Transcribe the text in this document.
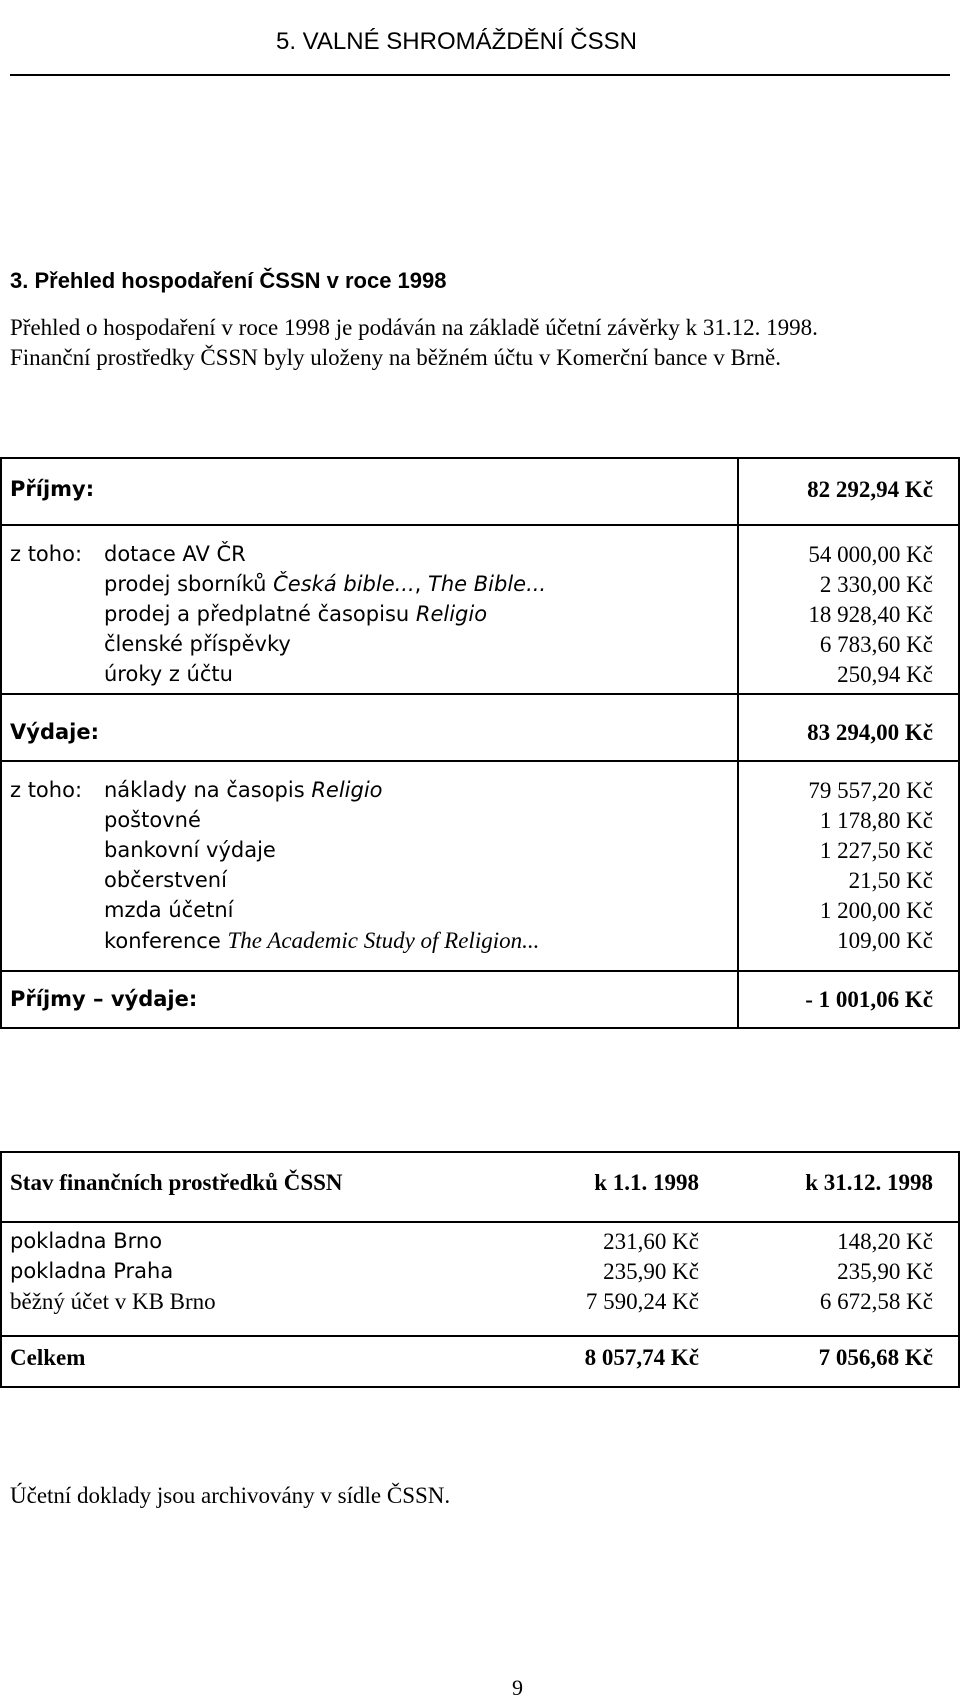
5. VALNÉ SHROMÁŽDĚNÍ ČSSN
3. Přehled hospodaření ČSSN v roce 1998
Přehled o hospodaření v roce 1998 je podáván na základě účetní závěrky k 31.12. 1998.
Finanční prostředky ČSSN byly uloženy na běžném účtu v Komerční bance v Brně.
Příjmy:	82 292,94 Kč
z toho: dotace AV ČR	54 000,00 Kč
prodej sborníků Česká bible..., The Bible...	2 330,00 Kč
prodej a předplatné časopisu Religio	18 928,40 Kč
členské příspěvky	6 783,60 Kč
úroky z účtu	250,94 Kč
Výdaje:	83 294,00 Kč
z toho: náklady na časopis Religio	79 557,20 Kč
poštovné	1 178,80 Kč
bankovní výdaje	1 227,50 Kč
občerstvení	21,50 Kč
mzda účetní	1 200,00 Kč
konference The Academic Study of Religion...	109,00 Kč
Příjmy – výdaje:	- 1 001,06 Kč
Stav finančních prostředků ČSSN	k 1.1. 1998	k 31.12. 1998
pokladna Brno	231,60 Kč	148,20 Kč
pokladna Praha	235,90 Kč	235,90 Kč
běžný účet v KB Brno	7 590,24 Kč	6 672,58 Kč
Celkem	8 057,74 Kč	7 056,68 Kč
Účetní doklady jsou archivovány v sídle ČSSN.
9
